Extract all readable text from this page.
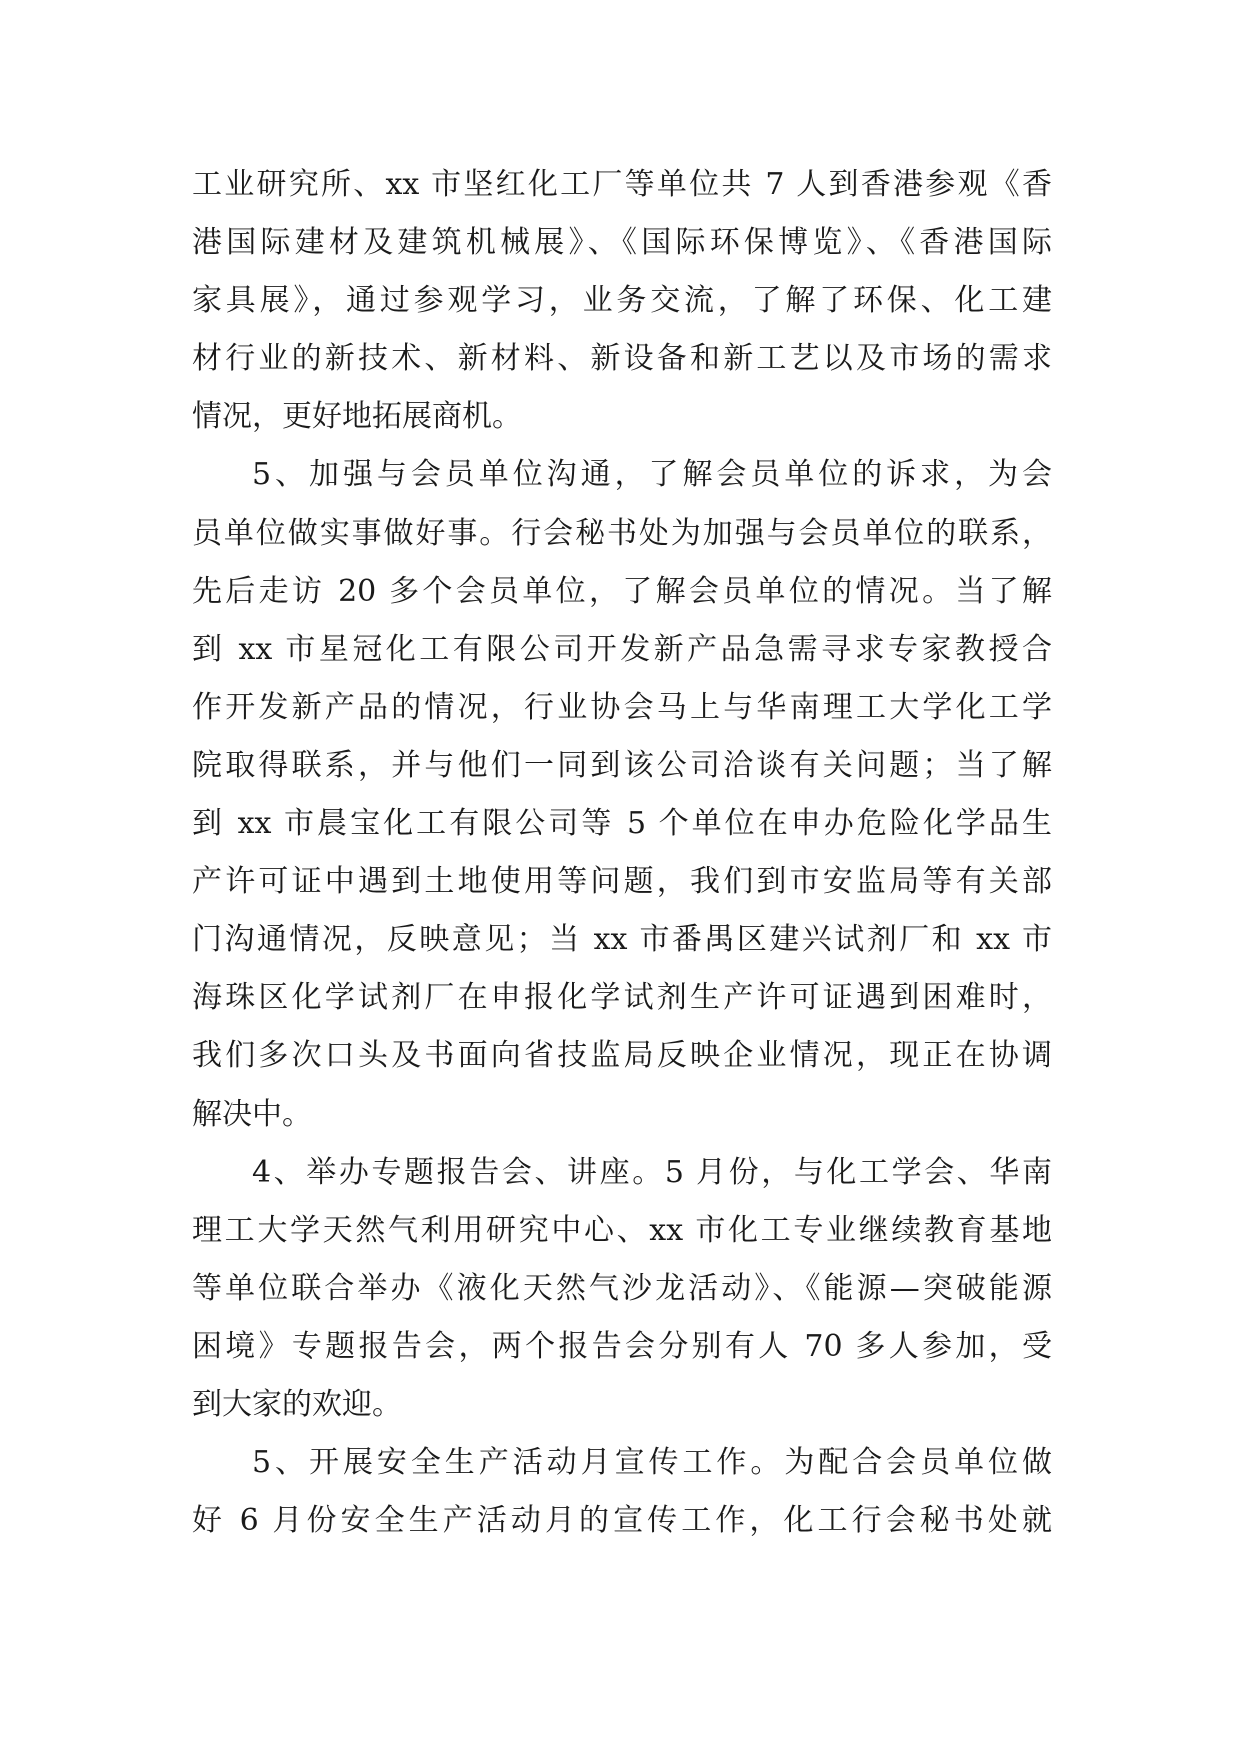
工业研究所、xx 市坚红化工厂等单位共 7 人到香港参观《香
港国际建材及建筑机械展》、《国际环保博览》、《香港国际
家具展》，通过参观学习，业务交流，了解了环保、化工建
材行业的新技术、新材料、新设备和新工艺以及市场的需求
情况，更好地拓展商机。
5、加强与会员单位沟通，了解会员单位的诉求，为会
员单位做实事做好事。行会秘书处为加强与会员单位的联系，
先后走访 20 多个会员单位，了解会员单位的情况。当了解
到 xx 市星冠化工有限公司开发新产品急需寻求专家教授合
作开发新产品的情况，行业协会马上与华南理工大学化工学
院取得联系，并与他们一同到该公司洽谈有关问题；当了解
到 xx 市晨宝化工有限公司等 5 个单位在申办危险化学品生
产许可证中遇到土地使用等问题，我们到市安监局等有关部
门沟通情况，反映意见；当 xx 市番禺区建兴试剂厂和 xx 市
海珠区化学试剂厂在申报化学试剂生产许可证遇到困难时，
我们多次口头及书面向省技监局反映企业情况，现正在协调
解决中。
4、举办专题报告会、讲座。5 月份，与化工学会、华南
理工大学天然气利用研究中心、xx 市化工专业继续教育基地
等单位联合举办《液化天然气沙龙活动》、《能源—突破能源
困境》专题报告会，两个报告会分别有人 70 多人参加，受
到大家的欢迎。
5、开展安全生产活动月宣传工作。为配合会员单位做
好 6 月份安全生产活动月的宣传工作，化工行会秘书处就
